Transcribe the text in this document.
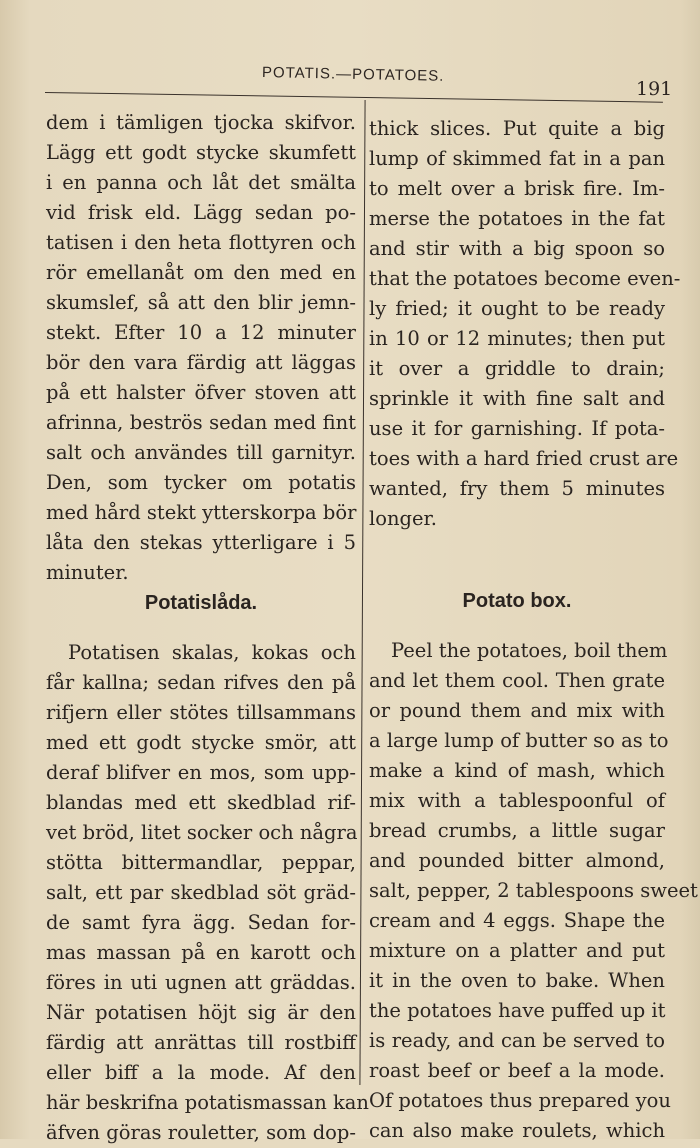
POTATIS.—POTATOES.
191
dem i tämligen tjocka skifvor.
Lägg ett godt stycke skumfett
i en panna och låt det smälta
vid frisk eld. Lägg sedan po-
tatisen i den heta flottyren och
rör emellanåt om den med en
skumslef, så att den blir jemn-
stekt. Efter 10 a 12 minuter
bör den vara färdig att läggas
på ett halster öfver stoven att
afrinna, beströs sedan med fint
salt och användes till garnityr.
Den, som tycker om potatis
med hård stekt ytterskorpa bör
låta den stekas ytterligare i 5
minuter.
Potatislåda.
Potatisen skalas, kokas och
får kallna; sedan rifves den på
rifjern eller stötes tillsammans
med ett godt stycke smör, att
deraf blifver en mos, som upp-
blandas med ett skedblad rif-
vet bröd, litet socker och några
stötta bittermandlar, peppar,
salt, ett par skedblad söt gräd-
de samt fyra ägg. Sedan for-
mas massan på en karott och
föres in uti ugnen att gräddas.
När potatisen höjt sig är den
färdig att anrättas till rostbiff
eller biff a la mode. Af den
här beskrifna potatismassan kan
äfven göras rouletter, som dop-
thick slices. Put quite a big
lump of skimmed fat in a pan
to melt over a brisk fire. Im-
merse the potatoes in the fat
and stir with a big spoon so
that the potatoes become even-
ly fried; it ought to be ready
in 10 or 12 minutes; then put
it over a griddle to drain;
sprinkle it with fine salt and
use it for garnishing. If pota-
toes with a hard fried crust are
wanted, fry them 5 minutes
longer.
Potato box.
Peel the potatoes, boil them
and let them cool. Then grate
or pound them and mix with
a large lump of butter so as to
make a kind of mash, which
mix with a tablespoonful of
bread crumbs, a little sugar
and pounded bitter almond,
salt, pepper, 2 tablespoons sweet
cream and 4 eggs. Shape the
mixture on a platter and put
it in the oven to bake. When
the potatoes have puffed up it
is ready, and can be served to
roast beef or beef a la mode.
Of potatoes thus prepared you
can also make roulets, which
